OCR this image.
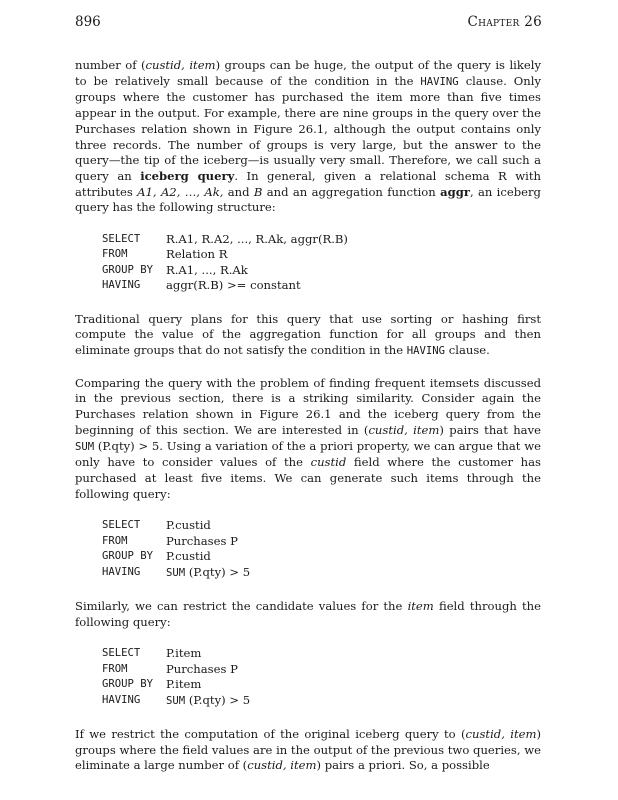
896	Chapter 26

number of (custid, item) groups can be huge, the output of the query is likely to be relatively small because of the condition in the HAVING clause. Only groups where the customer has purchased the item more than five times appear in the output. For example, there are nine groups in the query over the Purchases relation shown in Figure 26.1, although the output contains only three records. The number of groups is very large, but the answer to the query—the tip of the iceberg—is usually very small. Therefore, we call such a query an iceberg query. In general, given a relational schema R with attributes A1, A2, …, Ak, and B and an aggregation function aggr, an iceberg query has the following structure:

SELECT	R.A1, R.A2, ..., R.Ak, aggr(R.B)
FROM	Relation R
GROUP BY	R.A1, ..., R.Ak
HAVING	aggr(R.B) >= constant

Traditional query plans for this query that use sorting or hashing first compute the value of the aggregation function for all groups and then eliminate groups that do not satisfy the condition in the HAVING clause.

Comparing the query with the problem of finding frequent itemsets discussed in the previous section, there is a striking similarity. Consider again the Purchases relation shown in Figure 26.1 and the iceberg query from the beginning of this section. We are interested in (custid, item) pairs that have SUM (P.qty) > 5. Using a variation of the a priori property, we can argue that we only have to consider values of the custid field where the customer has purchased at least five items. We can generate such items through the following query:

SELECT	P.custid
FROM	Purchases P
GROUP BY	P.custid
HAVING	SUM (P.qty) > 5

Similarly, we can restrict the candidate values for the item field through the following query:

SELECT	P.item
FROM	Purchases P
GROUP BY	P.item
HAVING	SUM (P.qty) > 5

If we restrict the computation of the original iceberg query to (custid, item) groups where the field values are in the output of the previous two queries, we eliminate a large number of (custid, item) pairs a priori. So, a possible
